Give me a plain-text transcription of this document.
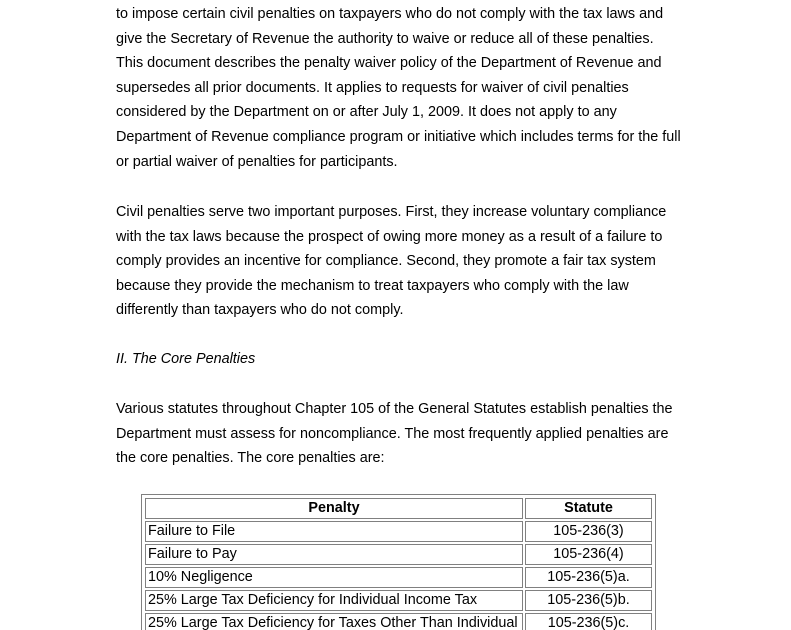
to impose certain civil penalties on taxpayers who do not comply with the tax laws and
give the Secretary of Revenue the authority to waive or reduce all of these penalties.
This document describes the penalty waiver policy of the Department of Revenue and
supersedes all prior documents. It applies to requests for waiver of civil penalties
considered by the Department on or after July 1, 2009. It does not apply to any
Department of Revenue compliance program or initiative which includes terms for the full
or partial waiver of penalties for participants.

Civil penalties serve two important purposes. First, they increase voluntary compliance
with the tax laws because the prospect of owing more money as a result of a failure to
comply provides an incentive for compliance. Second, they promote a fair tax system
because they provide the mechanism to treat taxpayers who comply with the law
differently than taxpayers who do not comply.

II. The Core Penalties

Various statutes throughout Chapter 105 of the General Statutes establish penalties the
Department must assess for noncompliance. The most frequently applied penalties are
the core penalties. The core penalties are:

Penalty	Statute
Failure to File	105-236(3)
Failure to Pay	105-236(4)
10% Negligence	105-236(5)a.
25% Large Tax Deficiency for Individual Income Tax	105-236(5)b.
25% Large Tax Deficiency for Taxes Other Than Individual	105-236(5)c.
